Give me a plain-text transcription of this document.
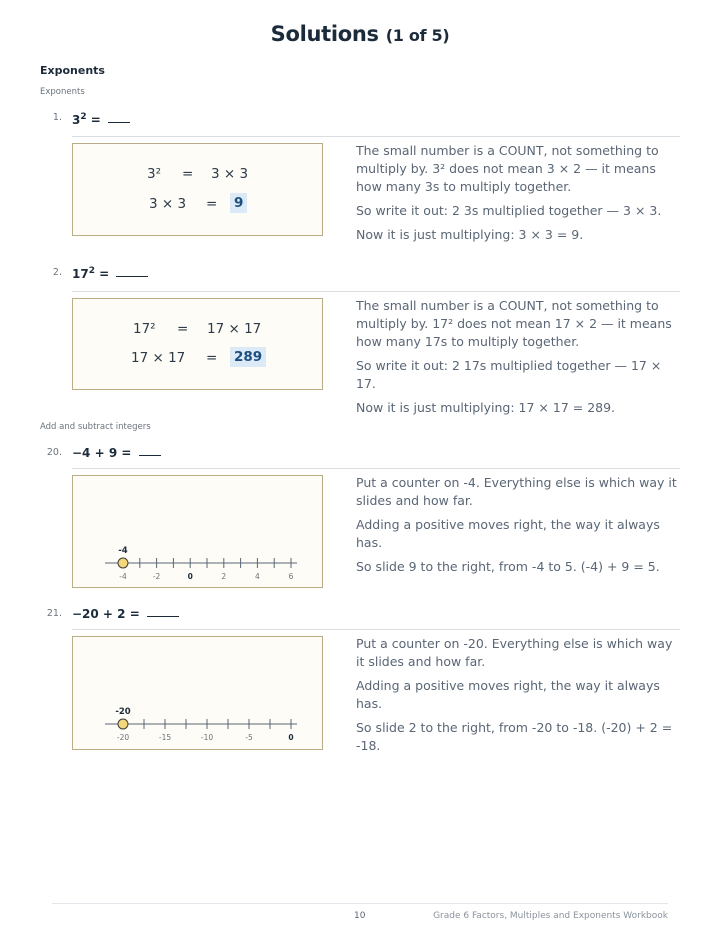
Solutions (1 of 5)
Exponents
Exponents
1. $3^2$ =
3² = 3 × 3
3 × 3 = 9

The small number is a COUNT, not something to multiply by. 3² does not mean 3 × 2 — it means how many 3s to multiply together.

So write it out: 2 3s multiplied together — 3 × 3.

Now it is just multiplying: 3 × 3 = 9.

2. $17^2$ =
17² = 17 × 17
17 × 17 = 289

The small number is a COUNT, not something to multiply by. 17² does not mean 17 × 2 — it means how many 17s to multiply together.

So write it out: 2 17s multiplied together — 17 × 17.

Now it is just multiplying: 17 × 17 = 289.

Add and subtract integers
20. −4 + 9 =
-4	-2	0	2	4	6
-4

Put a counter on -4. Everything else is which way it slides and how far.

Adding a positive moves right, the way it always has.

So slide 9 to the right, from -4 to 5. (-4) + 9 = 5.

21. −20 + 2 =
-20	-15	-10	-5	0
-20

Put a counter on -20. Everything else is which way it slides and how far.

Adding a positive moves right, the way it always has.

So slide 2 to the right, from -20 to -18. (-20) + 2 = -18.

10	Grade 6 Factors, Multiples and Exponents Workbook
